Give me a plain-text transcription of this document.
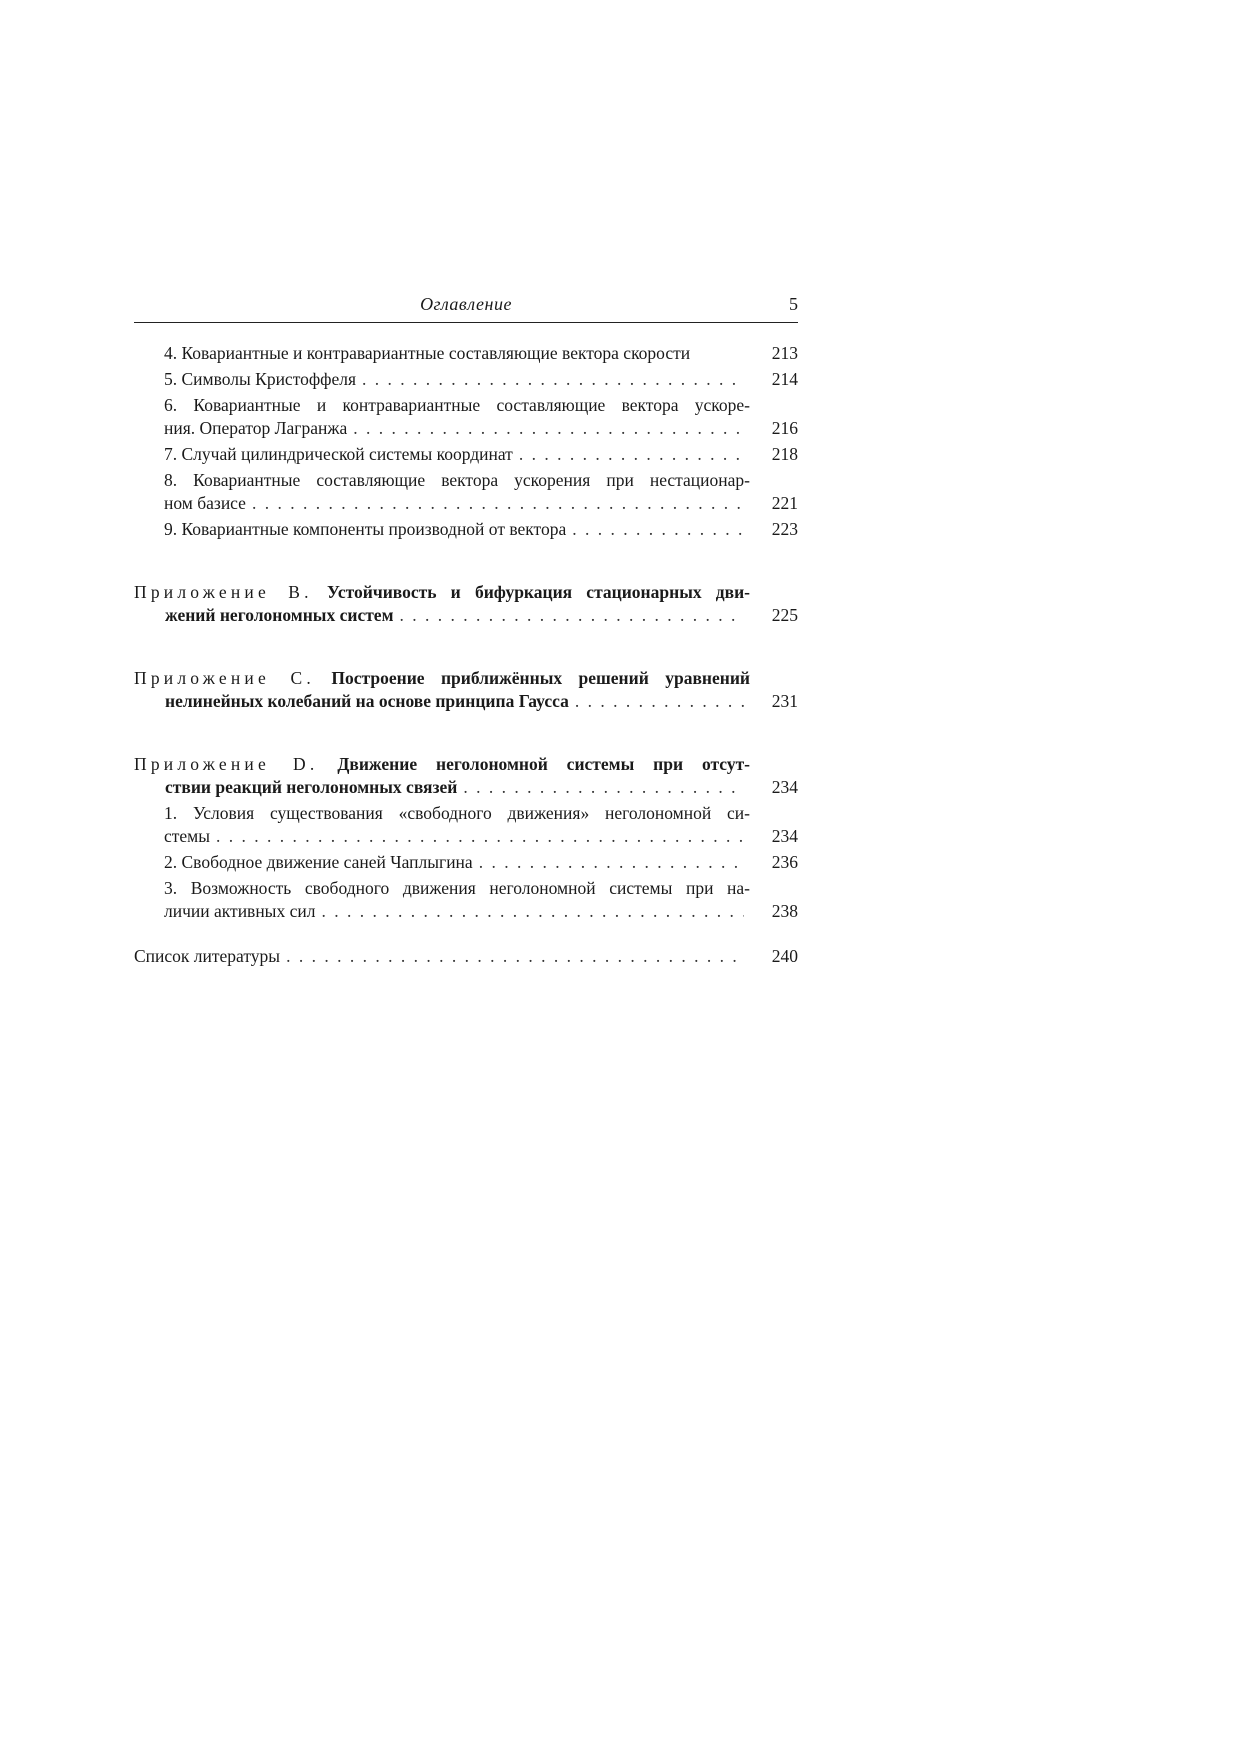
Оглавление	5
4. Ковариантные и контравариантные составляющие вектора скорости	213
5. Символы Кристоффеля . . .	214
6. Ковариантные и контравариантные составляющие вектора ускоре-
ния. Оператор Лагранжа . . .	216
7. Случай цилиндрической системы координат . . .	218
8. Ковариантные составляющие вектора ускорения при нестационар-
ном базисе . . .	221
9. Ковариантные компоненты производной от вектора . . .	223
Приложение B. Устойчивость и бифуркация стационарных дви-
жений неголономных систем . . .	225
Приложение C. Построение приближённых решений уравнений
нелинейных колебаний на основе принципа Гаусса . . .	231
Приложение D. Движение неголономной системы при отсут-
ствии реакций неголономных связей . . .	234
1. Условия существования «свободного движения» неголономной си-
стемы . . .	234
2. Свободное движение саней Чаплыгина . . .	236
3. Возможность свободного движения неголономной системы при на-
личии активных сил . . .	238
Список литературы . . .	240
